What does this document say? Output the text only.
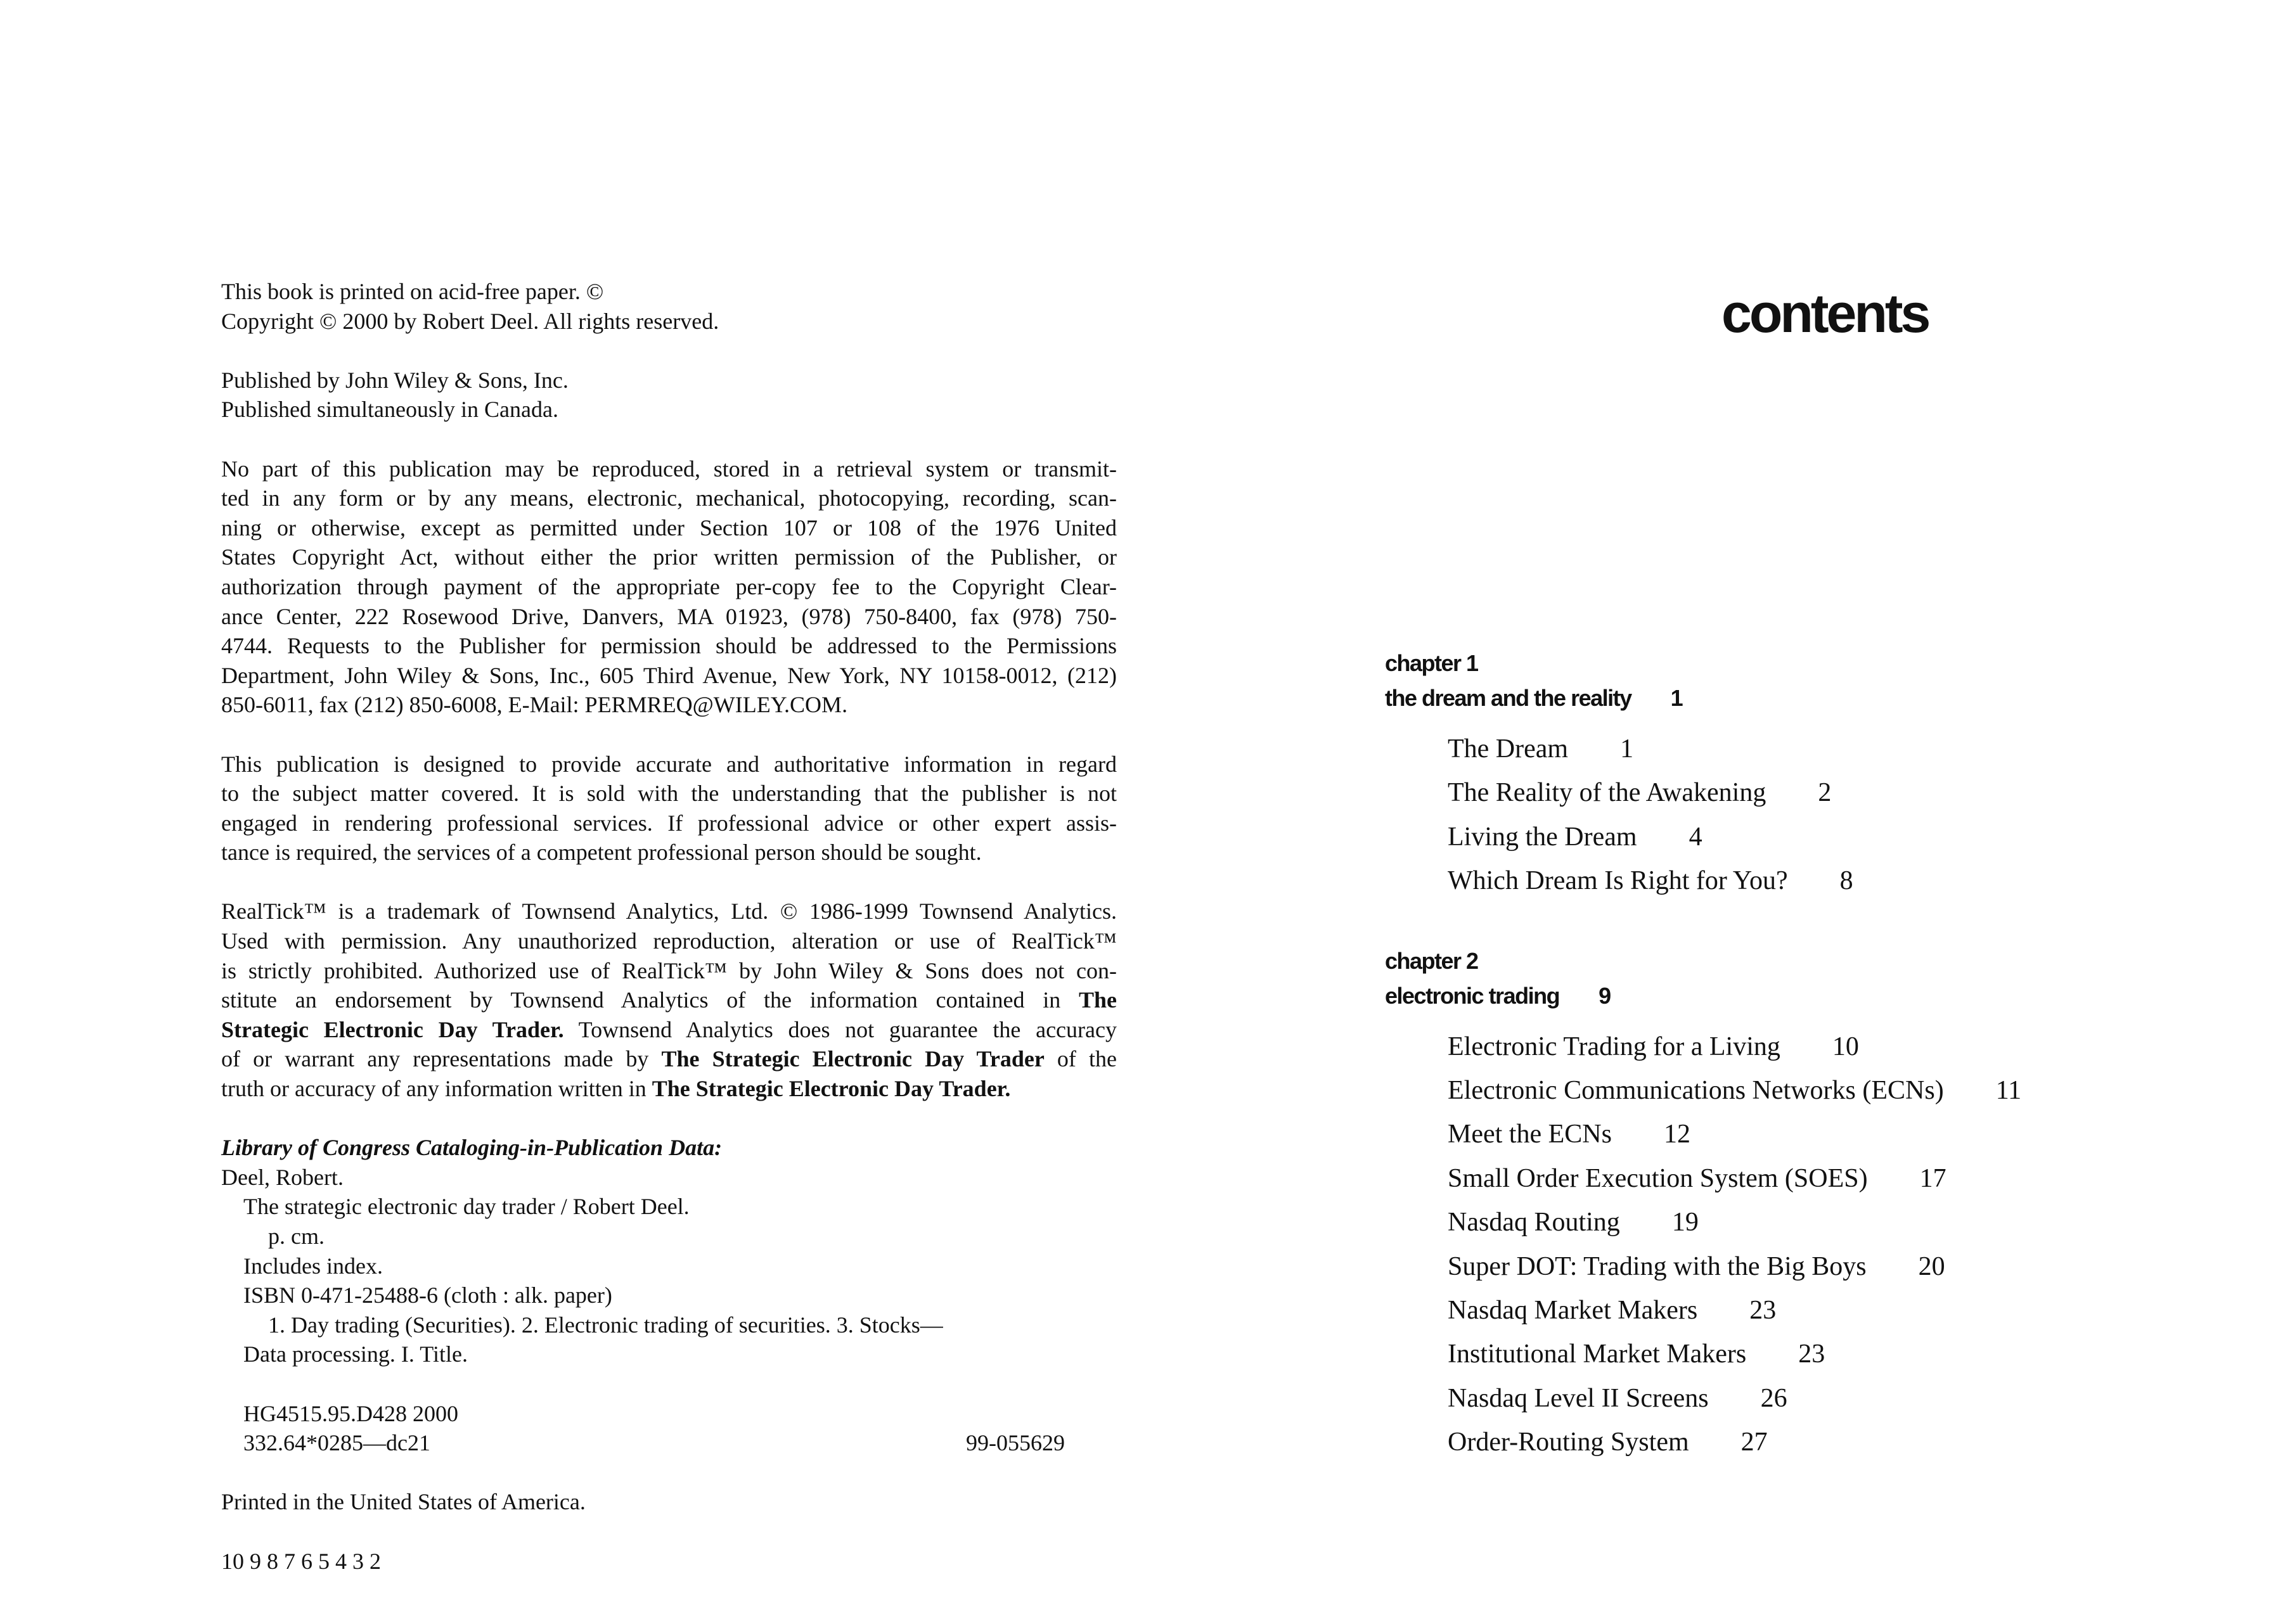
This book is printed on acid-free paper. ©
Copyright © 2000 by Robert Deel. All rights reserved.
Published by John Wiley & Sons, Inc.
Published simultaneously in Canada.
No part of this publication may be reproduced, stored in a retrieval system or transmit-
ted in any form or by any means, electronic, mechanical, photocopying, recording, scan-
ning or otherwise, except as permitted under Section 107 or 108 of the 1976 United
States Copyright Act, without either the prior written permission of the Publisher, or
authorization through payment of the appropriate per-copy fee to the Copyright Clear-
ance Center, 222 Rosewood Drive, Danvers, MA 01923, (978) 750-8400, fax (978) 750-
4744. Requests to the Publisher for permission should be addressed to the Permissions
Department, John Wiley & Sons, Inc., 605 Third Avenue, New York, NY 10158-0012, (212)
850-6011, fax (212) 850-6008, E-Mail: PERMREQ@WILEY.COM.
This publication is designed to provide accurate and authoritative information in regard
to the subject matter covered. It is sold with the understanding that the publisher is not
engaged in rendering professional services. If professional advice or other expert assis-
tance is required, the services of a competent professional person should be sought.
RealTick™ is a trademark of Townsend Analytics, Ltd. © 1986-1999 Townsend Analytics.
Used with permission. Any unauthorized reproduction, alteration or use of RealTick™
is strictly prohibited. Authorized use of RealTick™ by John Wiley & Sons does not con-
stitute an endorsement by Townsend Analytics of the information contained in The
Strategic Electronic Day Trader. Townsend Analytics does not guarantee the accuracy
of or warrant any representations made by The Strategic Electronic Day Trader of the
truth or accuracy of any information written in The Strategic Electronic Day Trader.
Library of Congress Cataloging-in-Publication Data:
Deel, Robert.
The strategic electronic day trader / Robert Deel.
p. cm.
Includes index.
ISBN 0-471-25488-6 (cloth : alk. paper)
1. Day trading (Securities). 2. Electronic trading of securities. 3. Stocks—
Data processing. I. Title.
HG4515.95.D428 2000
332.64*0285—dc21	99-055629
Printed in the United States of America.
10 9 8 7 6 5 4 3 2
contents
chapter 1
the dream and the reality 1
The Dream 1
The Reality of the Awakening 2
Living the Dream 4
Which Dream Is Right for You? 8
chapter 2
electronic trading 9
Electronic Trading for a Living 10
Electronic Communications Networks (ECNs) 11
Meet the ECNs 12
Small Order Execution System (SOES) 17
Nasdaq Routing 19
Super DOT: Trading with the Big Boys 20
Nasdaq Market Makers 23
Institutional Market Makers 23
Nasdaq Level II Screens 26
Order-Routing System 27
